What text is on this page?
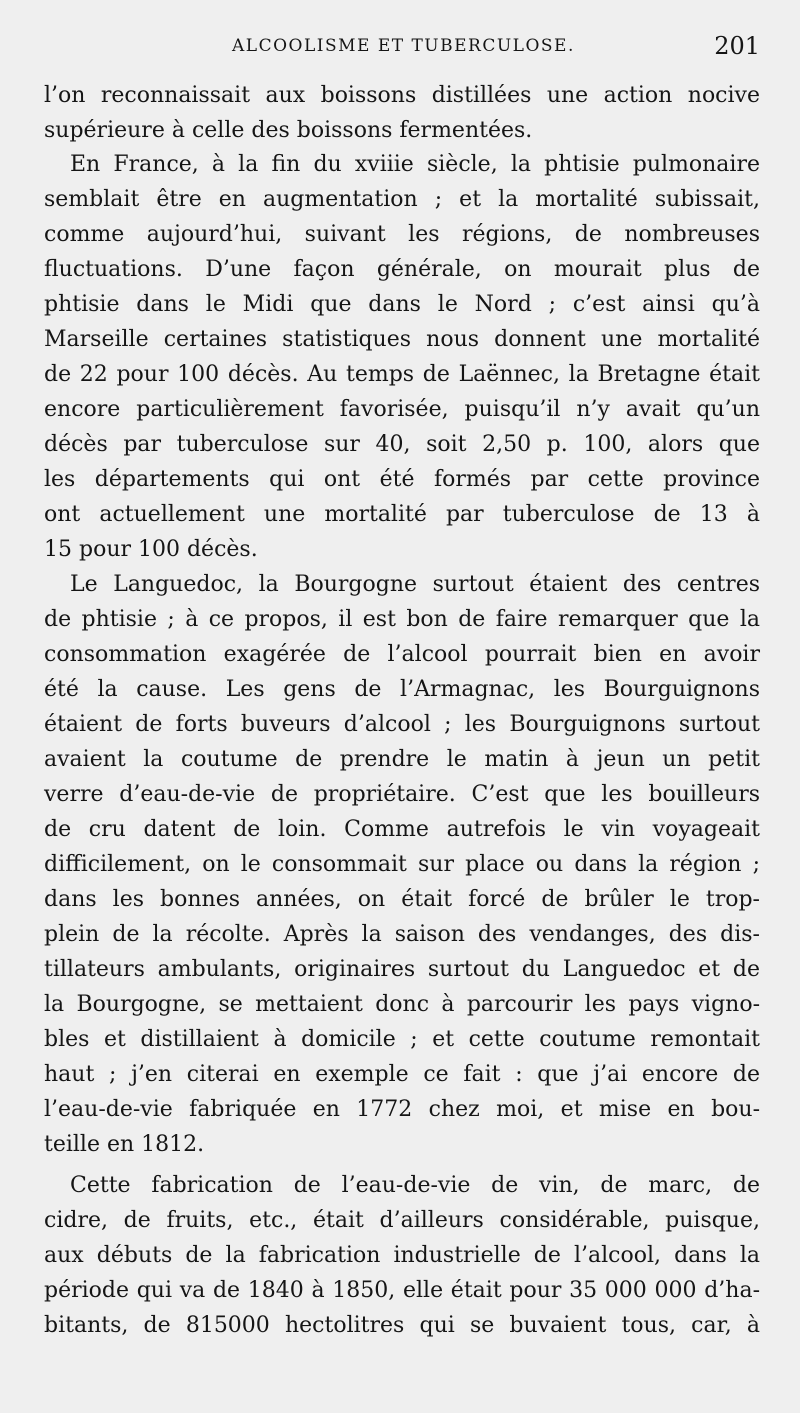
ALCOOLISME ET TUBERCULOSE.	201
l’on reconnaissait aux boissons distillées une action nocive
supérieure à celle des boissons fermentées.
En France, à la fin du xviiie siècle, la phtisie pulmonaire
semblait être en augmentation ; et la mortalité subissait,
comme aujourd’hui, suivant les régions, de nombreuses
fluctuations. D’une façon générale, on mourait plus de
phtisie dans le Midi que dans le Nord ; c’est ainsi qu’à
Marseille certaines statistiques nous donnent une mortalité
de 22 pour 100 décès. Au temps de Laënnec, la Bretagne était
encore particulièrement favorisée, puisqu’il n’y avait qu’un
décès par tuberculose sur 40, soit 2,50 p. 100, alors que
les départements qui ont été formés par cette province
ont actuellement une mortalité par tuberculose de 13 à
15 pour 100 décès.
Le Languedoc, la Bourgogne surtout étaient des centres
de phtisie ; à ce propos, il est bon de faire remarquer que la
consommation exagérée de l’alcool pourrait bien en avoir
été la cause. Les gens de l’Armagnac, les Bourguignons
étaient de forts buveurs d’alcool ; les Bourguignons surtout
avaient la coutume de prendre le matin à jeun un petit
verre d’eau-de-vie de propriétaire. C’est que les bouilleurs
de cru datent de loin. Comme autrefois le vin voyageait
difficilement, on le consommait sur place ou dans la région ;
dans les bonnes années, on était forcé de brûler le trop-
plein de la récolte. Après la saison des vendanges, des dis-
tillateurs ambulants, originaires surtout du Languedoc et de
la Bourgogne, se mettaient donc à parcourir les pays vigno-
bles et distillaient à domicile ; et cette coutume remontait
haut ; j’en citerai en exemple ce fait : que j’ai encore de
l’eau-de-vie fabriquée en 1772 chez moi, et mise en bou-
teille en 1812.
Cette fabrication de l’eau-de-vie de vin, de marc, de
cidre, de fruits, etc., était d’ailleurs considérable, puisque,
aux débuts de la fabrication industrielle de l’alcool, dans la
période qui va de 1840 à 1850, elle était pour 35 000 000 d’ha-
bitants, de 815000 hectolitres qui se buvaient tous, car, à
